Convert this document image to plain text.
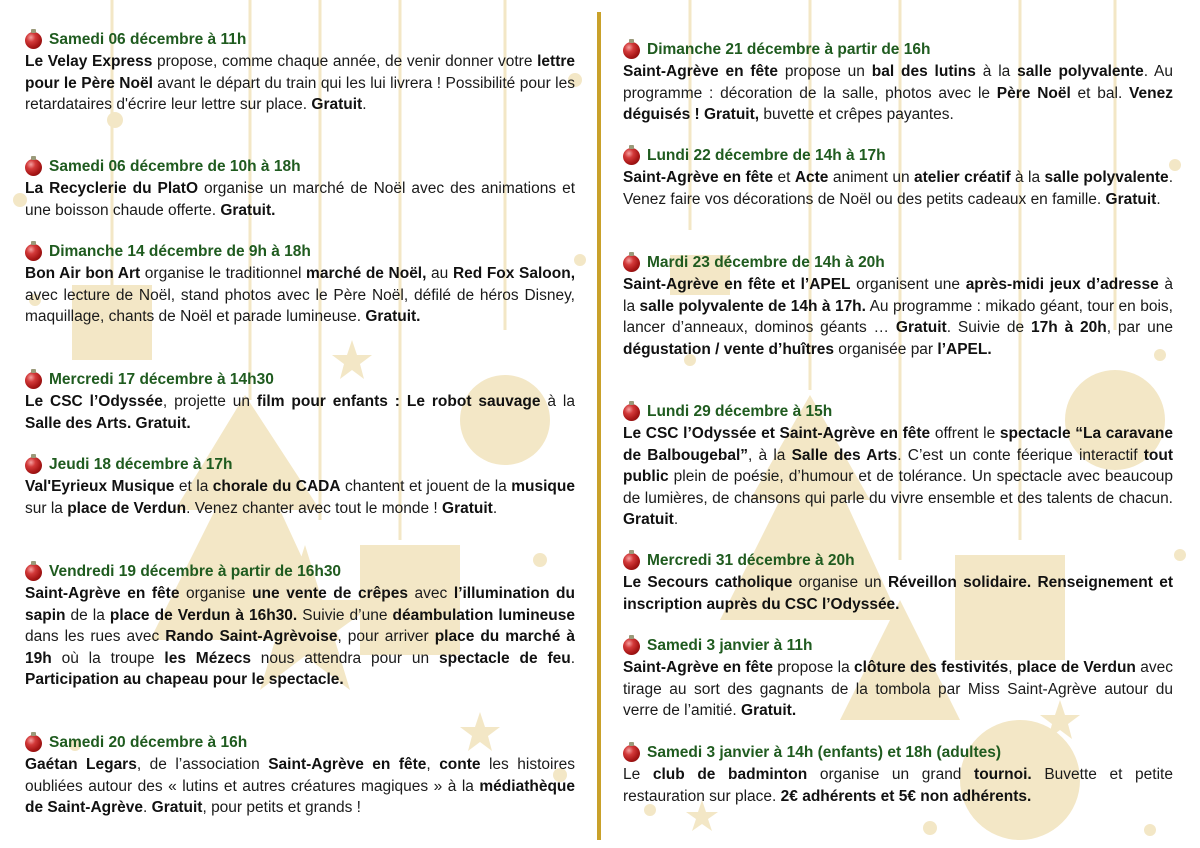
Samedi 06 décembre à 11h
Le Velay Express propose, comme chaque année, de venir donner votre lettre pour le Père Noël avant le départ du train qui les lui livrera ! Possibilité pour les retardataires d'écrire leur lettre sur place. Gratuit.
Samedi 06 décembre de 10h à 18h
La Recyclerie du PlatO organise un marché de Noël avec des animations et une boisson chaude offerte. Gratuit.
Dimanche 14 décembre de 9h à 18h
Bon Air bon Art organise le traditionnel marché de Noël, au Red Fox Saloon, avec lecture de Noël, stand photos avec le Père Noël, défilé de héros Disney, maquillage, chants de Noël et parade lumineuse. Gratuit.
Mercredi 17 décembre à 14h30
Le CSC l’Odyssée, projette un film pour enfants : Le robot sauvage à la Salle des Arts. Gratuit.
Jeudi 18 décembre à 17h
Val'Eyrieux Musique et la chorale du CADA chantent et jouent de la musique sur la place de Verdun. Venez chanter avec tout le monde ! Gratuit.
Vendredi 19 décembre à partir de 16h30
Saint-Agrève en fête organise une vente de crêpes avec l’illumination du sapin de la place de Verdun à 16h30. Suivie d’une déambulation lumineuse dans les rues avec Rando Saint-Agrèvoise, pour arriver place du marché à 19h où la troupe les Mézecs nous attendra pour un spectacle de feu. Participation au chapeau pour le spectacle.
Samedi 20 décembre à 16h
Gaétan Legars, de l’association Saint-Agrève en fête, conte les histoires oubliées autour des « lutins et autres créatures magiques » à la médiathèque de Saint-Agrève. Gratuit, pour petits et grands !
Dimanche 21 décembre à partir de 16h
Saint-Agrève en fête propose un bal des lutins à la salle polyvalente. Au programme : décoration de la salle, photos avec le Père Noël et bal. Venez déguisés ! Gratuit, buvette et crêpes payantes.
Lundi 22 décembre de 14h à 17h
Saint-Agrève en fête et Acte animent un atelier créatif à la salle polyvalente. Venez faire vos décorations de Noël ou des petits cadeaux en famille. Gratuit.
Mardi 23 décembre de 14h à 20h
Saint-Agrève en fête et l’APEL organisent une après-midi jeux d’adresse à la salle polyvalente de 14h à 17h. Au programme : mikado géant, tour en bois, lancer d’anneaux, dominos géants … Gratuit. Suivie de 17h à 20h, par une dégustation / vente d’huîtres organisée par l’APEL.
Lundi 29 décembre à 15h
Le CSC l’Odyssée et Saint-Agrève en fête offrent le spectacle “La caravane de Balbougebal”, à la Salle des Arts. C’est un conte féerique interactif tout public plein de poésie, d’humour et de tolérance. Un spectacle avec beaucoup de lumières, de chansons qui parle du vivre ensemble et des talents de chacun. Gratuit.
Mercredi 31 décembre à 20h
Le Secours catholique organise un Réveillon solidaire. Renseignement et inscription auprès du CSC l’Odyssée.
Samedi 3 janvier à 11h
Saint-Agrève en fête propose la clôture des festivités, place de Verdun avec tirage au sort des gagnants de la tombola par Miss Saint-Agrève autour du verre de l’amitié. Gratuit.
Samedi 3 janvier à 14h (enfants) et 18h (adultes)
Le club de badminton organise un grand tournoi. Buvette et petite restauration sur place. 2€ adhérents et 5€ non adhérents.
